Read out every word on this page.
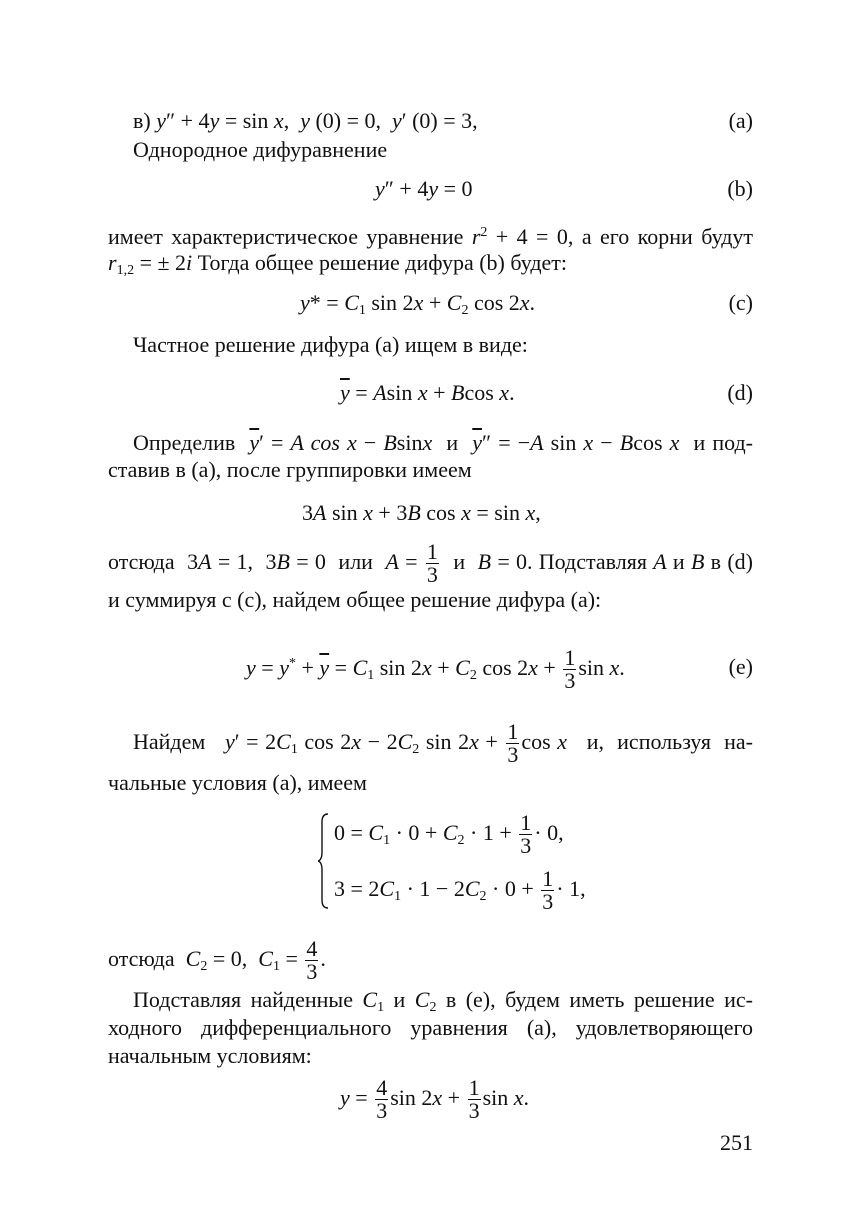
в) y″ + 4y = sin x,  y (0) = 0,  y′ (0) = 3,	(a)
Однородное дифуравнение
y″ + 4y = 0	(b)
имеет характеристическое уравнение $r^2 + 4 = 0$, а его корни будут
$r_{1,2}$ = ± 2i Тогда общее решение дифура (b) будет:
$y* = C_1$ $\sin 2x + C_2$ cos 2x.	(c)
Частное решение дифура (a) ищем в виде:
$\overline{y} = Asin$ x + Bcos x.	(d)
Определив  $\overline{y}' = A$ cos x − Bsinx  и  $\overline{y}'' = -A$ sin x − Bcos x  и под-
ставив в (a), после группировки имеем
3A sin x + 3B cos x = sin x,
отсюда  3A = 1,  3B = 0  или  $A = \frac{1}{3}$ и  B = 0. Подставляя A и B в (d)
и суммируя с (c), найдем общее решение дифура (a):
$y = y^* + \overline{y} = C_1$ $\sin 2x + C_2$ $\cos 2x + \frac{1}{3}$ sin x.	(e)
Найдем   $y' = 2C_1$ $\cos 2x - 2C_2$ $\sin 2x + \frac{1}{3}$ cos x   и,  используя  на-
чальные условия (a), имеем
$0 = C_1 \cdot 0 + C_2 \cdot 1 + \frac{1}{3} \cdot 0$,
$3 = 2C_1 \cdot 1 - 2C_2 \cdot 0 + \frac{1}{3} \cdot 1$,
отсюда  $C_2 = 0$,  $C_1 = \frac{4}{3}$ .
Подставляя найденные $C_1$ и $C_2$ в (e), будем иметь решение ис-
ходного дифференциального уравнения (a), удовлетворяющего
начальным условиям:
$y = \frac{4}{3}$ $\sin 2x + \frac{1}{3}$ sin x.
251
